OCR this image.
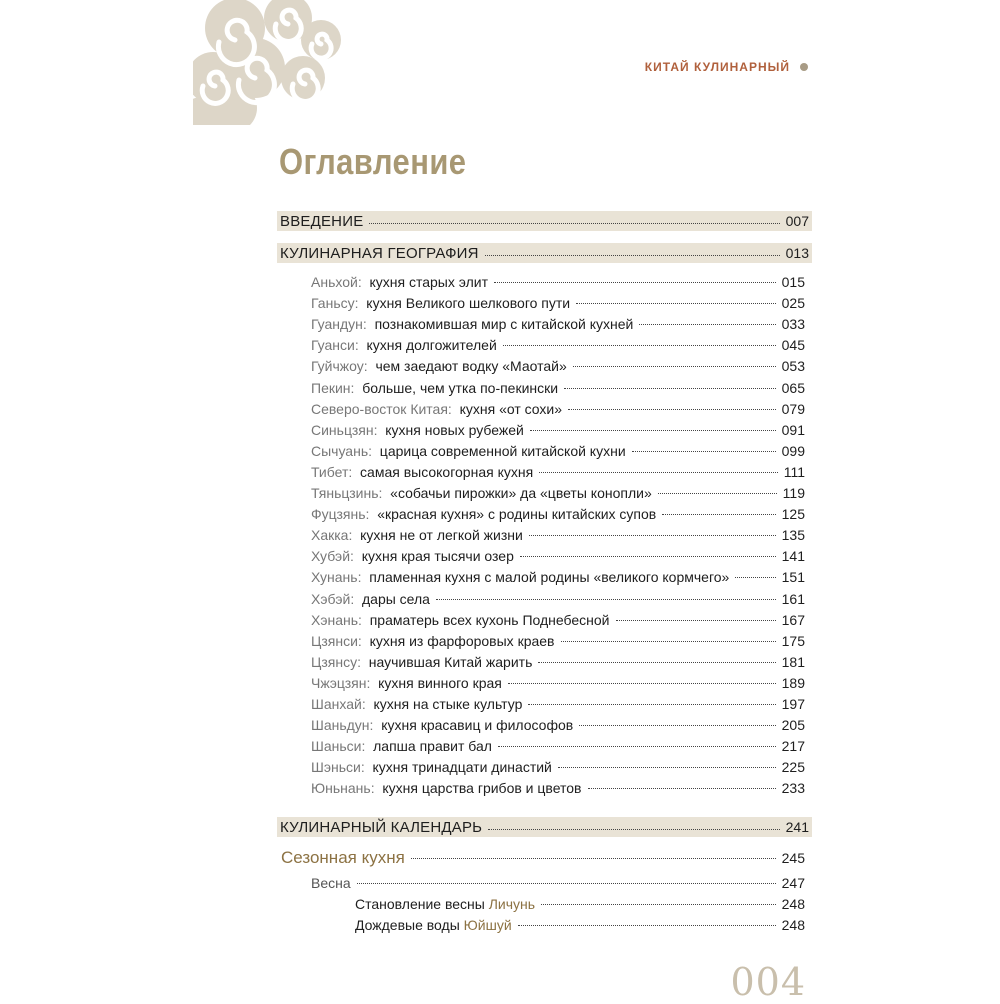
КИТАЙ КУЛИНАРНЫЙ
Оглавление
ВВЕДЕНИЕ	007
КУЛИНАРНАЯ ГЕОГРАФИЯ	013
Аньхой : кухня старых элит	015
Ганьсу : кухня Великого шелкового пути	025
Гуандун : познакомившая мир с китайской кухней	033
Гуанси : кухня долгожителей	045
Гуйчжоу : чем заедают водку «Маотай»	053
Пекин : больше, чем утка по-пекински	065
Северо-восток Китая : кухня «от сохи»	079
Синьцзян : кухня новых рубежей	091
Сычуань : царица современной китайской кухни	099
Тибет : самая высокогорная кухня	111
Тяньцзинь : «собачьи пирожки» да «цветы конопли»	119
Фуцзянь : «красная кухня» с родины китайских супов	125
Хакка : кухня не от легкой жизни	135
Хубэй : кухня края тысячи озер	141
Хунань : пламенная кухня с малой родины «великого кормчего»	151
Хэбэй : дары села	161
Хэнань : праматерь всех кухонь Поднебесной	167
Цзянси : кухня из фарфоровых краев	175
Цзянсу : научившая Китай жарить	181
Чжэцзян : кухня винного края	189
Шанхай : кухня на стыке культур	197
Шаньдун : кухня красавиц и философов	205
Шаньси : лапша правит бал	217
Шэньси : кухня тринадцати династий	225
Юньнань : кухня царства грибов и цветов	233
КУЛИНАРНЫЙ КАЛЕНДАРЬ	241
Сезонная кухня	245
Весна	247
Становление весны Личунь	248
Дождевые воды Юйшуй	248
004
